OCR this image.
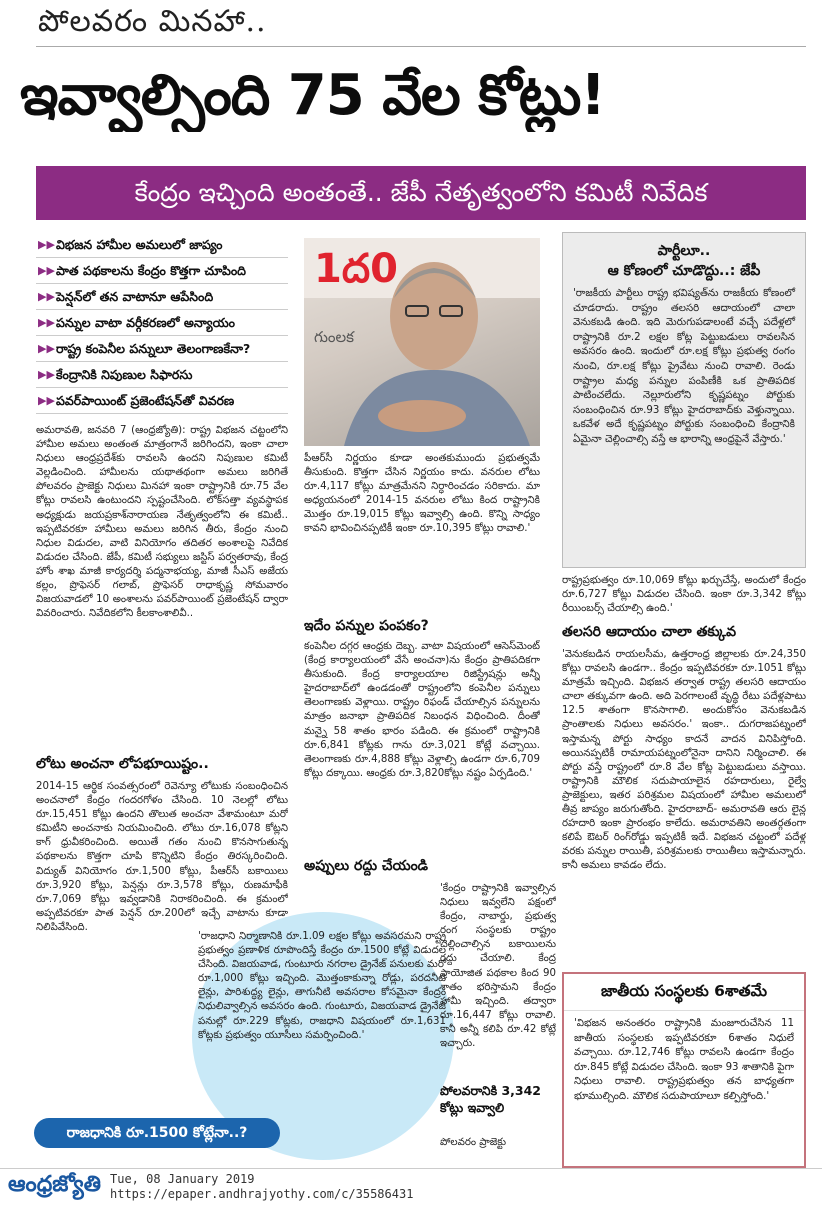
పోలవరం మినహా..
ఇవ్వాల్సింది 75 వేల కోట్లు!
కేంద్రం ఇచ్చింది అంతంతే.. జేపీ నేతృత్వంలోని కమిటీ నివేదిక
▶▶ విభజన హామీల అమలులో జాప్యం
▶▶ పాత పథకాలను కేంద్రం కొత్తగా చూపింది
▶▶ పెన్షన్‌లో తన వాటానూ ఆపేసింది
▶▶ పన్నుల వాటా వర్గీకరణలో అన్యాయం
▶▶ రాష్ట్ర కంపెనీల పన్నులూ తెలంగాణకేనా?
▶▶ కేంద్రానికి నిపుణుల సిఫారసు
▶▶ పవర్‌పాయింట్ ప్రజెంటేషన్‌తో వివరణ
అమరావతి, జనవరి 7 (ఆంధ్రజ్యోతి): రాష్ట్ర విభజన చట్టంలోని హామీల అమలు అంతంత మాత్రంగానే జరిగిందని, ఇంకా చాలా నిధులు ఆంధ్రప్రదేశ్‌కు రావలసి ఉందని నిపుణుల కమిటీ వెల్లడించింది. హామీలను యథాతథంగా అమలు జరిగితే పోలవరం ప్రాజెక్టు నిధులు మినహా ఇంకా రాష్ట్రానికి రూ.75 వేల కోట్లు రావలసి ఉంటుందని స్పష్టంచేసింది. లోక్‌సత్తా వ్యవస్థాపక అధ్యక్షుడు జయప్రకాశ్‌నారాయణ నేతృత్వంలోని ఈ కమిటీ.. ఇప్పటివరకూ హామీలు అమలు జరిగిన తీరు, కేంద్రం నుంచి నిధుల విడుదల, వాటి వినియోగం తదితర అంశాలపై నివేదిక విడుదల చేసింది. జేపీ, కమిటీ సభ్యులు జస్టిస్ పర్వతరావు, కేంద్ర హోం శాఖ మాజీ కార్యదర్శి పద్మనాభయ్య, మాజీ సీఎస్ అజేయ కల్లం, ప్రొఫెసర్ గలాబ్, ప్రొఫెసర్ రాధాకృష్ణ సోమవారం విజయవాడలో 10 అంశాలను పవర్‌పాయింట్ ప్రజెంటేషన్ ద్వారా వివరించారు. నివేదికలోని కీలకాంశాలివీ..
లోటు అంచనా లోపభూయిష్టం..
2014-15 ఆర్థిక సంవత్సరంలో రెవెన్యూ లోటుకు సంబంధించిన అంచనాలో కేంద్రం గందరగోళం చేసింది. 10 నెలల్లో లోటు రూ.15,451 కోట్లు ఉందని తొలుత అంచనా వేశామంటూ మరో కమిటీని అంచనాకు నియమించింది. లోటు రూ.16,078 కోట్లని కాగ్ ధ్రువీకరించింది. అయితే గతం నుంచి కొనసాగుతున్న పథకాలను కొత్తగా చూపి కొన్నిటిని కేంద్రం తిరస్కరించింది. విద్యుత్ వినియోగం రూ.1,500 కోట్లు, పీఆర్‌సీ బకాయిలు రూ.3,920 కోట్లు, పెన్షన్లు రూ.3,578 కోట్లు, రుణమాఫీకి రూ.7,069 కోట్లు ఇవ్వడానికి నిరాకరించింది. ఈ క్రమంలో అప్పటివరకూ పాత పెన్షన్ రూ.200లో ఇచ్చే వాటాను కూడా నిలిపివేసింది.
1ద0
గుంలక
పీఆర్‌సీ నిర్ణయం కూడా అంతకుముందు ప్రభుత్వమే తీసుకుంది. కొత్తగా చేసిన నిర్ణయం కాదు. వనరుల లోటు రూ.4,117 కోట్లు మాత్రమేనని నిర్ధారించడం సరికాదు. మా అధ్యయనంలో 2014-15 వనరుల లోటు కింద రాష్ట్రానికి మొత్తం రూ.19,015 కోట్లు ఇవ్వాల్సి ఉంది. కొన్ని సాధ్యం కావని భావించినప్పటికీ ఇంకా రూ.10,395 కోట్లు రావాలి.'
ఇదేం పన్నుల పంపకం?
కంపెనీల దగ్గర ఆంధ్రకు దెబ్బ. వాటా విషయంలో ఆసెస్‌మెంట్ (కేంద్ర కార్యాలయంలో వేసే అంచనా)ను కేంద్రం ప్రాతిపదికగా తీసుకుంది. కేంద్ర కార్యాలయాల రిజిస్ట్రేషన్లు అన్నీ హైదరాబాద్‌లో ఉండడంతో రాష్ట్రంలోని కంపెనీల పన్నులు తెలంగాణకు వెళ్లాయి. రాష్ట్రం రిఫండ్ చేయాల్సిన పన్నులను మాత్రం జనాభా ప్రాతిపదిక నిబంధన విధించింది. దీంతో మన్నై 58 శాతం భారం పడింది. ఈ క్రమంలో రాష్ట్రానికి రూ.6,841 కోట్లకు గాను రూ.3,021 కోట్లే వచ్చాయి. తెలంగాణకు రూ.4,888 కోట్లు వెళ్లాల్సి ఉండగా రూ.6,709 కోట్లు దక్కాయి. ఆంధ్రకు రూ.3,820కోట్లు నష్టం ఏర్పడింది.'
అప్పులు రద్దు చేయండి
'రాజధాని నిర్మాణానికి రూ.1.09 లక్షల కోట్లు అవసరమని రాష్ట్ర ప్రభుత్వం ప్రణాళిక రూపొందిస్తే కేంద్రం రూ.1500 కోట్లే విడుదల చేసింది. విజయవాడ, గుంటూరు నగరాల డ్రైనేజ్ పనులకు మరో రూ.1,000 కోట్లు ఇచ్చింది. మొత్తంకాకున్నా రోడ్లు, పరదనీటి లైన్లు, పారిశుద్ధ్య లైన్లు, తాగునీటి అవసరాల కోసమైనా కేంద్రం నిధులివ్వాల్సిన అవసరం ఉంది. గుంటూరు, విజయవాడ డ్రైనేజ్ పనుల్లో రూ.229 కోట్లకు, రాజధాని విషయంలో రూ.1,631 కోట్లకు ప్రభుత్వం యూసీలు సమర్పించింది.'
'కేంద్రం రాష్ట్రానికి ఇవ్వాల్సిన నిధులు ఇవ్వలేని పక్షంలో కేంద్రం, నాబార్డు, ప్రభుత్వ రంగ సంస్థలకు రాష్ట్రం చెల్లించాల్సిన బకాయిలను రద్దు చేయాలి. కేంద్ర ప్రాయోజిత పథకాల కింద 90 శాతం భరిస్తామని కేంద్రం హామీ ఇచ్చింది. తద్వారా రూ.16,447 కోట్లు రావాలి. కానీ అన్నీ కలిపి రూ.42 కోట్లే ఇచ్చారు.
పోలవరానికి 3,342 కోట్లు ఇవ్వాలి
పోలవరం ప్రాజెక్టు
రాజధానికి రూ.1500 కోట్లేనా..?
పార్టీలూ..
ఆ కోణంలో చూడొద్దు..: జేపీ
'రాజకీయ పార్టీలు రాష్ట్ర భవిష్యత్‌ను రాజకీయ కోణంలో చూడరాదు. రాష్ట్రం తలసరి ఆదాయంలో చాలా వెనుకబడి ఉంది. ఇది మెరుగుపడాలంటే వచ్చే పదేళ్లలో రాష్ట్రానికి రూ.2 లక్షల కోట్ల పెట్టుబడులు రావలసిన అవసరం ఉంది. ఇందులో రూ.లక్ష కోట్లు ప్రభుత్వ రంగం నుంచి, రూ.లక్ష కోట్లు ప్రైవేటు నుంచి రావాలి. రెండు రాష్ట్రాల మధ్య పన్నుల పంపిణీకి ఒక ప్రాతిపదిక పాటించలేదు. నెల్లూరులోని కృష్ణపట్నం పోర్టుకు సంబంధించిన రూ.93 కోట్లు హైదరాబాద్‌కు వెళ్తున్నాయి. ఒకవేళ అదే కృష్ణపట్నం పోర్టుకు సంబంధించి కేంద్రానికి ఏమైనా చెల్లించాల్సి వస్తే ఆ భారాన్ని ఆంధ్రపైనే వేస్తారు.'
రాష్ట్రప్రభుత్వం రూ.10,069 కోట్లు ఖర్చుచేస్తే, అందులో కేంద్రం రూ.6,727 కోట్లు విడుదల చేసింది. ఇంకా రూ.3,342 కోట్లు రీయింబర్స్ చేయాల్సి ఉంది.'
తలసరి ఆదాయం చాలా తక్కువ
'వెనుకబడిన రాయలసీమ, ఉత్తరాంధ్ర జిల్లాలకు రూ.24,350 కోట్లు రావలసి ఉండగా.. కేంద్రం ఇప్పటివరకూ రూ.1051 కోట్లు మాత్రమే ఇచ్చింది. విభజన తర్వాత రాష్ట్ర తలసరి ఆదాయం చాలా తక్కువగా ఉంది. అది పెరగాలంటే వృద్ధి రేటు పదేళ్లపాటు 12.5 శాతంగా కొనసాగాలి. అందుకోసం వెనుకబడిన ప్రాంతాలకు నిధులు అవసరం.' ఇంకా.. దుగరాజపట్నంలో ఇస్తామన్న పోర్టు సాధ్యం కాదనే వాదన వినిపిస్తోంది. అయినప్పటికీ రామాయపట్నంలోనైనా దానిని నిర్మించాలి. ఈ పోర్టు వస్తే రాష్ట్రంలో రూ.8 వేల కోట్ల పెట్టుబడులు వస్తాయి. రాష్ట్రానికి మౌలిక సదుపాయాలైన రహదారులు, రైల్వే ప్రాజెక్టులు, ఇతర పరిశ్రమల విషయంలో హామీల అమలులో తీవ్ర జాప్యం జరుగుతోంది. హైదరాబాద్- అమరావతి ఆరు లైన్ల రహదారి ఇంకా ప్రారంభం కాలేదు. అమరావతిని అంతర్గతంగా కలిపే ఔటర్ రింగ్‌రోడ్డు ఇప్పటికీ ఇదే. విభజన చట్టంలో పదేళ్ల వరకు పన్నుల రాయితీ, పరిశ్రమలకు రాయితీలు ఇస్తామన్నారు. కానీ అమలు కావడం లేదు.
జాతీయ సంస్థలకు 6శాతమే
'విభజన అనంతరం రాష్ట్రానికి మంజూరుచేసిన 11 జాతీయ సంస్థలకు ఇప్పటివరకూ 6శాతం నిధులే వచ్చాయి. రూ.12,746 కోట్లు రావలసి ఉండగా కేంద్రం రూ.845 కోట్లే విడుదల చేసింది. ఇంకా 93 శాతానికి పైగా నిధులు రావాలి. రాష్ట్రప్రభుత్వం తన బాధ్యతగా భూముల్చింది. మౌలిక సదుపాయాలూ కల్పిస్తోంది.'
ఆంధ్రజ్యోతి Tue, 08 January 2019
https://epaper.andhrajyothy.com/c/35586431
